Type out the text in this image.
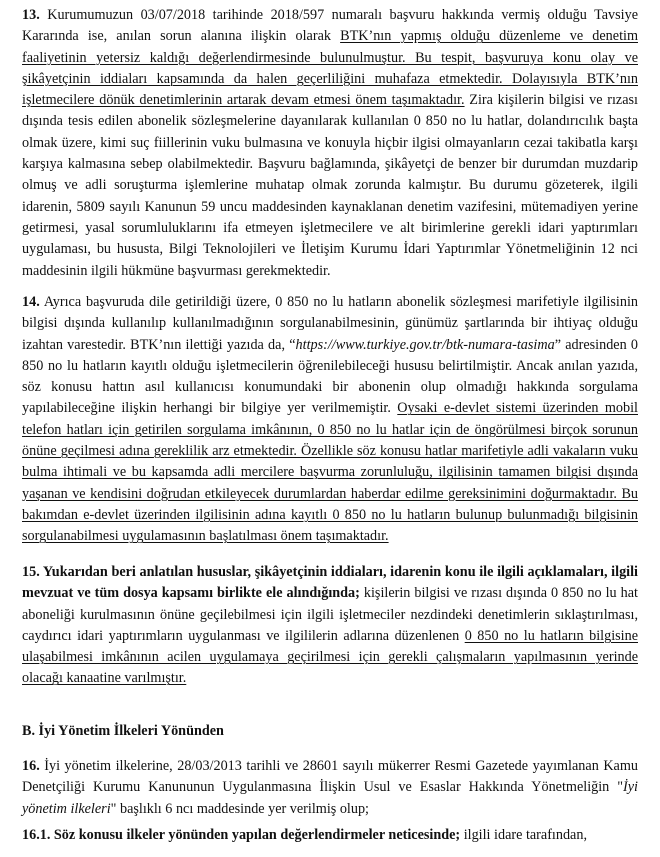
13. Kurumumuzun 03/07/2018 tarihinde 2018/597 numaralı başvuru hakkında vermiş olduğu Tavsiye Kararında ise, anılan sorun alanına ilişkin olarak BTK’nın yapmış olduğu düzenleme ve denetim faaliyetinin yetersiz kaldığı değerlendirmesinde bulunulmuştur. Bu tespit, başvuruya konu olay ve şikâyetçinin iddiaları kapsamında da halen geçerliliğini muhafaza etmektedir. Dolayısıyla BTK’nın işletmecilere dönük denetimlerinin artarak devam etmesi önem taşımaktadır. Zira kişilerin bilgisi ve rızası dışında tesis edilen abonelik sözleşmelerine dayanılarak kullanılan 0 850 no lu hatlar, dolandırıcılık başta olmak üzere, kimi suç fiillerinin vuku bulmasına ve konuyla hiçbir ilgisi olmayanların cezai takibatla karşı karşıya kalmasına sebep olabilmektedir. Başvuru bağlamında, şikâyetçi de benzer bir durumdan muzdarip olmuş ve adli soruşturma işlemlerine muhatap olmak zorunda kalmıştır. Bu durumu gözeterek, ilgili idarenin, 5809 sayılı Kanunun 59 uncu maddesinden kaynaklanan denetim vazifesini, mütemadiyen yerine getirmesi, yasal sorumluluklarını ifa etmeyen işletmecilere ve alt birimlerine gerekli idari yaptırımları uygulaması, bu hususta, Bilgi Teknolojileri ve İletişim Kurumu İdari Yaptırımlar Yönetmeliğinin 12 nci maddesinin ilgili hükmüne başvurması gerekmektedir.

14. Ayrıca başvuruda dile getirildiği üzere, 0 850 no lu hatların abonelik sözleşmesi marifetiyle ilgilisinin bilgisi dışında kullanılıp kullanılmadığının sorgulanabilmesinin, günümüz şartlarında bir ihtiyaç olduğu izahtan varestedir. BTK’nın ilettiği yazıda da, “https://www.turkiye.gov.tr/btk-numara-tasima” adresinden 0 850 no lu hatların kayıtlı olduğu işletmecilerin öğrenilebileceği hususu belirtilmiştir. Ancak anılan yazıda, söz konusu hattın asıl kullanıcısı konumundaki bir abonenin olup olmadığı hakkında sorgulama yapılabileceğine ilişkin herhangi bir bilgiye yer verilmemiştir. Oysaki e-devlet sistemi üzerinden mobil telefon hatları için getirilen sorgulama imkânının, 0 850 no lu hatlar için de öngörülmesi birçok sorunun önüne geçilmesi adına gereklilik arz etmektedir. Özellikle söz konusu hatlar marifetiyle adli vakaların vuku bulma ihtimali ve bu kapsamda adli mercilere başvurma zorunluluğu, ilgilisinin tamamen bilgisi dışında yaşanan ve kendisini doğrudan etkileyecek durumlardan haberdar edilme gereksinimini doğurmaktadır. Bu bakımdan e-devlet üzerinden ilgilisinin adına kayıtlı 0 850 no lu hatların bulunup bulunmadığı bilgisinin sorgulanabilmesi uygulamasının başlatılması önem taşımaktadır.

15. Yukarıdan beri anlatılan hususlar, şikâyetçinin iddiaları, idarenin konu ile ilgili açıklamaları, ilgili mevzuat ve tüm dosya kapsamı birlikte ele alındığında; kişilerin bilgisi ve rızası dışında 0 850 no lu hat aboneliği kurulmasının önüne geçilebilmesi için ilgili işletmeciler nezdindeki denetimlerin sıklaştırılması, caydırıcı idari yaptırımların uygulanması ve ilgililerin adlarına düzenlenen 0 850 no lu hatların bilgisine ulaşabilmesi imkânının acilen uygulamaya geçirilmesi için gerekli çalışmaların yapılmasının yerinde olacağı kanaatine varılmıştır.

B. İyi Yönetim İlkeleri Yönünden

16. İyi yönetim ilkelerine, 28/03/2013 tarihli ve 28601 sayılı mükerrer Resmi Gazetede yayımlanan Kamu Denetçiliği Kurumu Kanununun Uygulanmasına İlişkin Usul ve Esaslar Hakkında Yönetmeliğin "İyi yönetim ilkeleri" başlıklı 6 ncı maddesinde yer verilmiş olup;

16.1. Söz konusu ilkeler yönünden yapılan değerlendirmeler neticesinde; ilgili idare tarafından,
